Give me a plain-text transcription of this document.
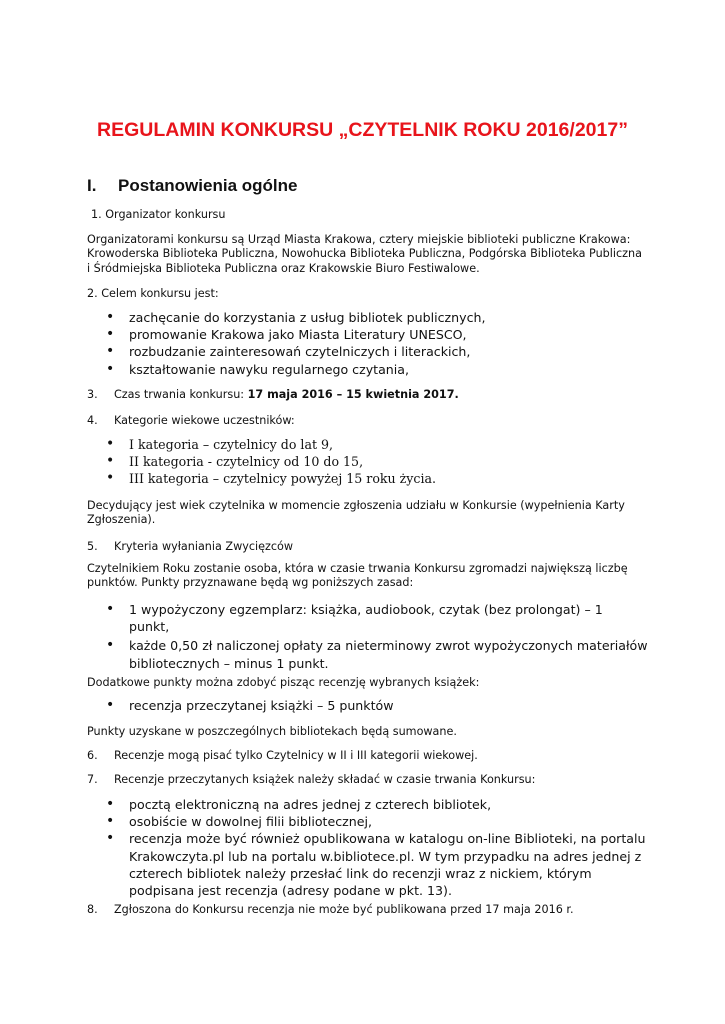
REGULAMIN KONKURSU „CZYTELNIK ROKU 2016/2017”
I. Postanowienia ogólne
1. Organizator konkursu
Organizatorami konkursu są Urząd Miasta Krakowa, cztery miejskie biblioteki publiczne Krakowa:
Krowoderska Biblioteka Publiczna, Nowohucka Biblioteka Publiczna, Podgórska Biblioteka Publiczna
i Śródmiejska Biblioteka Publiczna oraz Krakowskie Biuro Festiwalowe.
2. Celem konkursu jest:
• zachęcanie do korzystania z usług bibliotek publicznych,
• promowanie Krakowa jako Miasta Literatury UNESCO,
• rozbudzanie zainteresowań czytelniczych i literackich,
• kształtowanie nawyku regularnego czytania,
3. Czas trwania konkursu: 17 maja 2016 – 15 kwietnia 2017.
4. Kategorie wiekowe uczestników:
• I kategoria – czytelnicy do lat 9,
• II kategoria - czytelnicy od 10 do 15,
• III kategoria – czytelnicy powyżej 15 roku życia.
Decydujący jest wiek czytelnika w momencie zgłoszenia udziału w Konkursie (wypełnienia Karty
Zgłoszenia).
5. Kryteria wyłaniania Zwycięzców
Czytelnikiem Roku zostanie osoba, która w czasie trwania Konkursu zgromadzi największą liczbę
punktów. Punkty przyznawane będą wg poniższych zasad:
• 1 wypożyczony egzemplarz: książka, audiobook, czytak (bez prolongat) – 1
punkt,
• każde 0,50 zł naliczonej opłaty za nieterminowy zwrot wypożyczonych materiałów
bibliotecznych – minus 1 punkt.
Dodatkowe punkty można zdobyć pisząc recenzję wybranych książek:
• recenzja przeczytanej książki – 5 punktów
Punkty uzyskane w poszczególnych bibliotekach będą sumowane.
6. Recenzje mogą pisać tylko Czytelnicy w II i III kategorii wiekowej.
7. Recenzje przeczytanych książek należy składać w czasie trwania Konkursu:
• pocztą elektroniczną na adres jednej z czterech bibliotek,
• osobiście w dowolnej filii bibliotecznej,
• recenzja może być również opublikowana w katalogu on-line Biblioteki, na portalu
Krakowczyta.pl lub na portalu w.bibliotece.pl. W tym przypadku na adres jednej z
czterech bibliotek należy przesłać link do recenzji wraz z nickiem, którym
podpisana jest recenzja (adresy podane w pkt. 13).
8. Zgłoszona do Konkursu recenzja nie może być publikowana przed 17 maja 2016 r.
